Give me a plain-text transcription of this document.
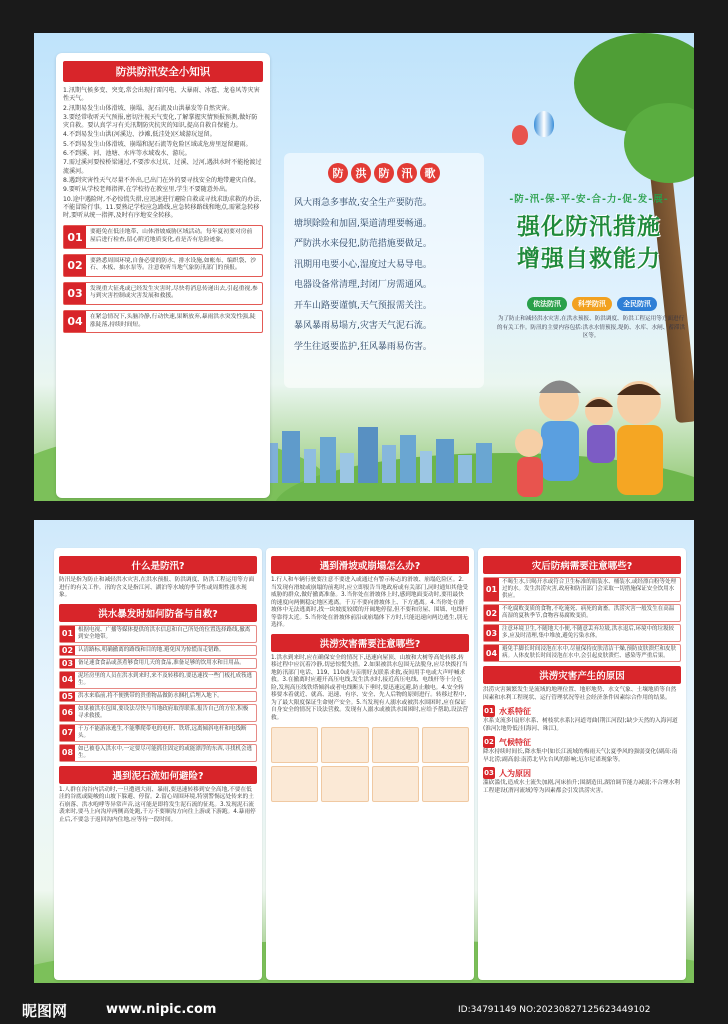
防洪防汛安全小知识

1.汛期气候多变、突变,常会出现打雷闪电、大暴雨、冰雹、龙卷风等灾害性天气。

2.汛期易发生山体滑坡、崩塌、泥石流及山洪暴发等自然灾害。

3.要经常收听天气预报,密切注视天气变化,了解掌握灾情预报预测,做好防灾自救。要认真学习有关汛期防灾抗灾的知识,提高自救自保能力。

4.不到易发生山洪(河溪边、沙滩,低洼处)区域游玩逗留。

5.不到易发生山体滑坡、崩塌和泥石流等危险区域或危房里逗留避雨。

6.不到溪、河、池塘、水库等水域戏水、游玩。

7.需过溪河要按桥梁通过,不要涉水过坑、过溪、过河,遇洪水时不能抢渡过流溪河。

8.遇到灾害性天气尽量不外出,已出门在外的要寻找安全的地带避灾自保。

9.要听从学校老师指挥,在学校待在教室里,学生不要随意外出。

10.途中遇险时,不必惊慌失措,应迅速进行避险自救或寻找求助求救的办法,不能冒险行事。11.要熟记学校应急路线,应急转移路线和地点,需紧急转移时,要听从统一指挥,及时有序地安全转移。

01	要避免在低洼地带、山体滑坡威胁区域活动。每年夏初要对房前屋后进行检查,留心附近地质变化,看是否有危险迹象。
02	要熟悉周围环境,自备必要的防水、排水设施,如帐布、编织袋、沙石、木板、抽水泵等。注意收听当地气象防汛部门的预报。
03	发现重大征兆或已经发生灾害时,尽快将消息传递出去,引起重视,参与到灾害控制或灾害发展和救援。
04	在紧急情况下,头脑冷静,行动快速,果断放弃,暴雨洪水突发性强,陡涨陡落,持续时间短。
防	洪	防	汛	歌
风大雨急多事故,安全生产要防范。
塘坝除险和加固,渠道清理要畅通。
严防洪水来侵犯,防范措施要做足。
汛期用电要小心,湿度过大易导电。
电器设备常清理,封闭厂房需通风。
开车山路要谨慎,天气预报需关注。
暴风暴雨易塌方,灾害天气泥石流。
学生往返要监护,狂风暴雨易伤害。
-防-汛-保-平-安-合-力-促-发-展-
强化防汛措施
增强自救能力
依法防汛	科学防汛	全民防汛
为了防止和减轻洪水灾害,在洪水预报、防洪调度、防洪工程运用等方面进行的有关工作。防汛的主要内容包括:洪水水情预报,堤防、水库、水闸、蓄滞洪区等。
什么是防汛?
防汛是指为防止和减轻洪水灾害,在洪水预报、防洪调度、防洪工程运用等方面进行的有关工作。汛的含义是指江河、湖泊等水域的季节性或周期性涨水现象。
洪水暴发时如何防备与自救?
01 根据电视、广播等媒体提供的洪水信息和自己所处的位置选择路线,撤离到安全地带。
02 认清路标,明确撤离的路线和目的地,避免因为惊慌而走错路。
03 备足速食食品或蒸煮够食用几天的食品,准备足够的饮用水和日用品。
04 泥坯房里的人员在洪水到来时,来不及转移的,要迅速找一些门板扎成筏逃生。
05 洪水来临前,将不便携带的贵重物品做防水捆扎后埋入地下。
06 如果被洪水包围,要设法尽快与当地政府取得联系,报告自己的方位,积极寻求救援。
07 千万不能游泳逃生,不能攀爬带电的电杆、铁塔,远离倾斜电杆和电线断头。
08 如已被卷入洪水中,一定要尽可能抓住固定的或能漂浮的东西,寻找机会逃生。
遇到泥石流如何避险?
1.人群在沟谷内活动时,一旦遭遇大雨、暴雨,要迅速转移到安全高地,不要在低洼的谷底或陡峻的山坡下躲避、停留。2.留心周围环境,特别警惕远处传来的土石崩落、洪水咆哮等异常声音,这可能是即将发生泥石流的征兆。3.发现泥石流袭来时,要马上向沟岸两侧高处跑,千万不要顺沟方向往上游或下游跑。4.暴雨停止后,不要急于返回沟内住地,应等待一段时间。
遇到滑坡或崩塌怎么办?
1.行人和车辆行驶要注意不要进入或通过有警示标志的滑坡、崩塌危险区。2.当发现有滑坡或崩塌的前兆时,应立即报告当地政府或有关部门,同时通知其他受威胁的群众,做好撤离准备。3.当你处在滑坡体上时,感到地面变动时,要用最快的速度向两侧稳定地区逃离。千万不要向滑坡体上、下方逃离。4.当你处在滑坡体中无法逃离时,找一块坡度较缓的开阔地停留,但不要和房屋、围墙、电线杆等靠得太近。5.当你处在滑坡体前沿或崩塌体下方时,只能迅速向两边逃生,别无选择。
洪涝灾害需要注意哪些?
1.洪水到来时,应在确保安全的情况下,迅速向屋顶、山坡和大树等高处转移,转移过程中应沉着冷静,切忌惊慌失措。2.如果被洪水包围无法脱身,应尽快拨打当地防汛部门电话、119、110或与亲朋好友联系求救,夜间用手电或大声呼喊求救。3.在撤离时应避开高压电线,发生洪水时,接近高压电线、电线杆等十分危险,发现高压线铁塔倾斜或者电线断头下垂时,要迅速远避,防止触电。4.安全转移要本着就近、就高、迅速、有序、安全、先人后物的原则进行。转移过程中,为了最大限度保证生命财产安全。5.当发现有人溺水或被洪水围困时,应在保证自身安全的情况下设法营救。发现有人溺水或被洪水围困时,应给予帮助,设法营救。
灾后防病需要注意哪些?
01
不喝生水,只喝开水或符合卫生标准的瓶装水、桶装水,或经漂白粉等处理过的水。发生洪涝灾害,政府和防汛部门会采取一切措施保证安全饮用水供应。
02 不吃腐败变质的食物,不吃淹死、病死的禽畜。洪涝灾害一般发生在高温高湿的夏秋季节,食物容易腐败变质。
03 注意环境卫生,不随地大小便,不随意丢弃垃圾,洪水退后,环境中的垃圾较多,应及时清理,集中堆放,避免污染水体。
04 避免手脚长时间浸泡在水中,尽量保持皮肤清洁干燥,预防皮肤溃烂和皮肤病。人体皮肤长时间浸泡在水中,会引起皮肤溃烂、感染等严重后果。
洪涝灾害产生的原因
洪涝灾害频繁发生是流域的地理位置、地形地势、水文气象、土壤地质等自然因素和水利工程现状、运行管理状况等社会经济条件因素综合作用的结果。
01 水系特征
水系支流多(扇形水系、树枝状水系);河道弯曲(荆江河段);缺少天然的入海河道(淮河);地势低洼(海河、珠江)。
02 气候特征
降水持续时间长,降水集中(如长江流域的梅雨天气);夏季风的强弱变化(副高:南旱北涝;副高弱:南涝北旱);台风的影响;厄尔尼诺现象等。
03 人为原因
滥砍滥伐,造成水土流失加剧,河床抬升;围湖造田,湖泊调节能力减弱;不合理水利工程建设(渭河流域)等为因素都会引发洪涝灾害。
昵图网	www.nipic.com	ID:34791149 NO:20230827125623449102
